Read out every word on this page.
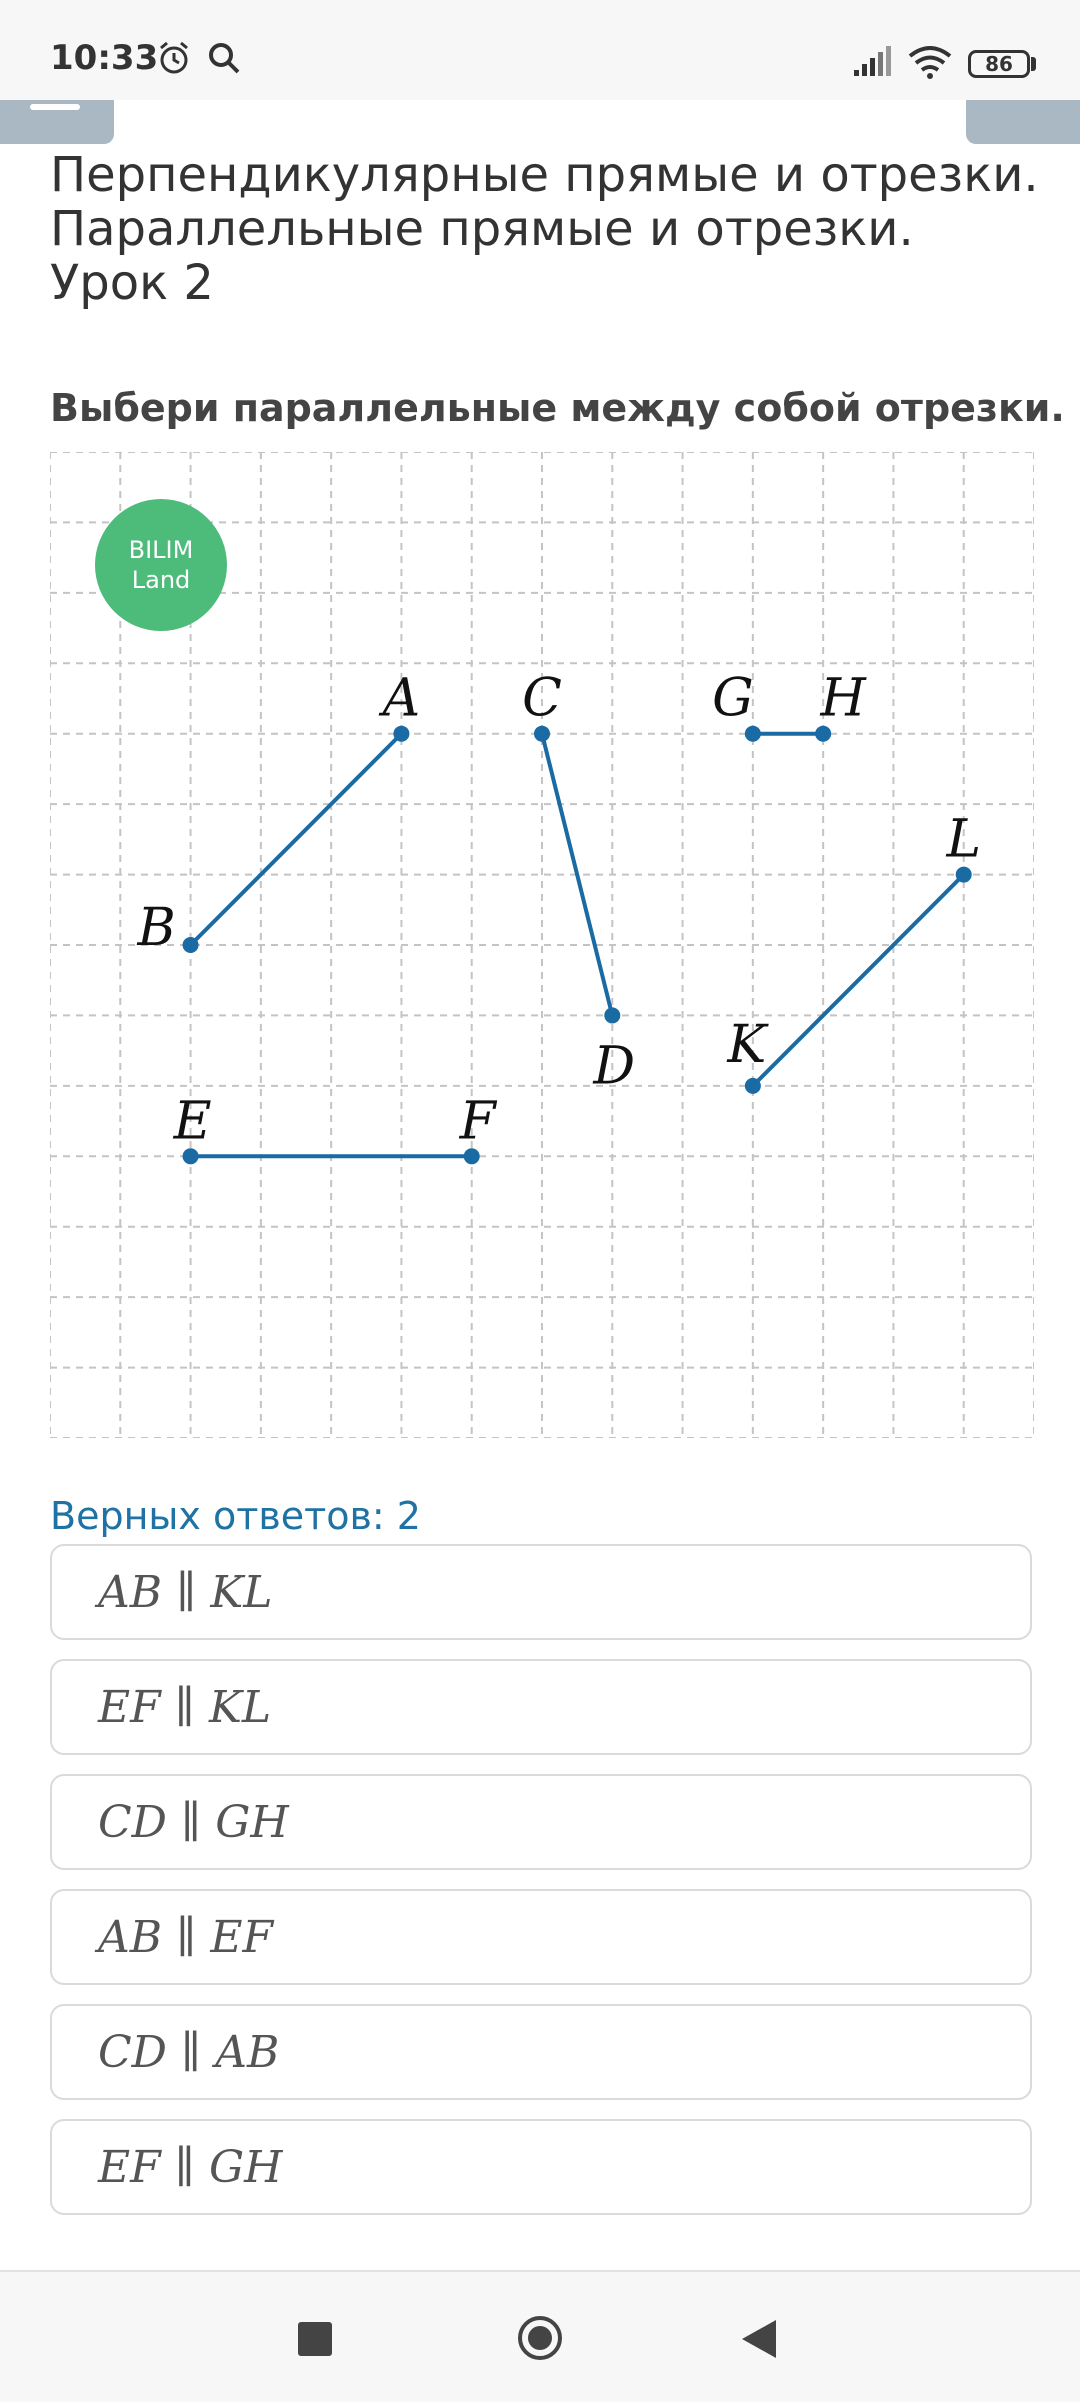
10:33	86
Перпендикулярные прямые и отрезки. Параллельные прямые и отрезки. Урок 2
Выбери параллельные между собой отрезки.
BILIM
Land
A
B
C
D
G H
K
L
E	F
Верных ответов: 2
AB ∥ KL
EF ∥ KL
CD ∥ GH
AB ∥ EF
CD ∥ AB
EF ∥ GH
